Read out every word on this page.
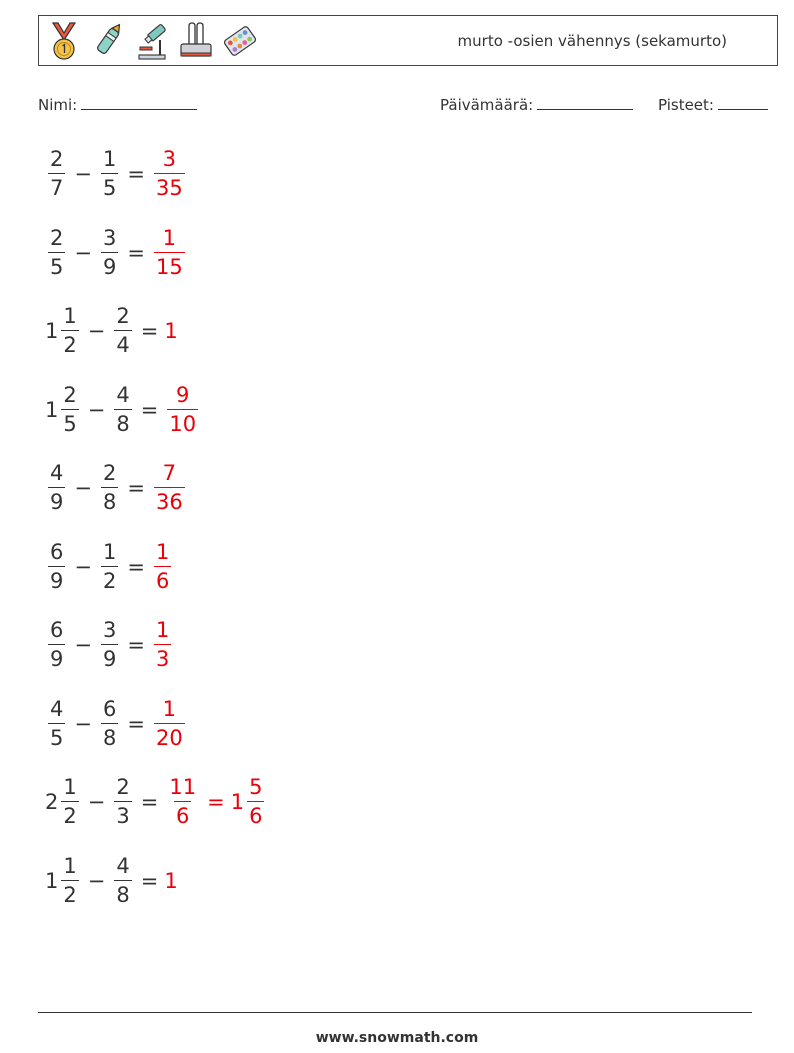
murto -osien vähennys (sekamurto)
Nimi:	Päivämäärä:	Pisteet:
$\frac{2}{7} - \frac{1}{5} = \frac{3}{35}$
$\frac{2}{5} - \frac{3}{9} = \frac{1}{15}$
$1 \frac{1}{2} - \frac{2}{4} = 1$
$1 \frac{2}{5} - \frac{4}{8} = \frac{9}{10}$
$\frac{4}{9} - \frac{2}{8} = \frac{7}{36}$
$\frac{6}{9} - \frac{1}{2} = \frac{1}{6}$
$\frac{6}{9} - \frac{3}{9} = \frac{1}{3}$
$\frac{4}{5} - \frac{6}{8} = \frac{1}{20}$
$2 \frac{1}{2} - \frac{2}{3} = \frac{11}{6} = 1 \frac{5}{6}$
$1 \frac{1}{2} - \frac{4}{8} = 1$
www.snowmath.com
